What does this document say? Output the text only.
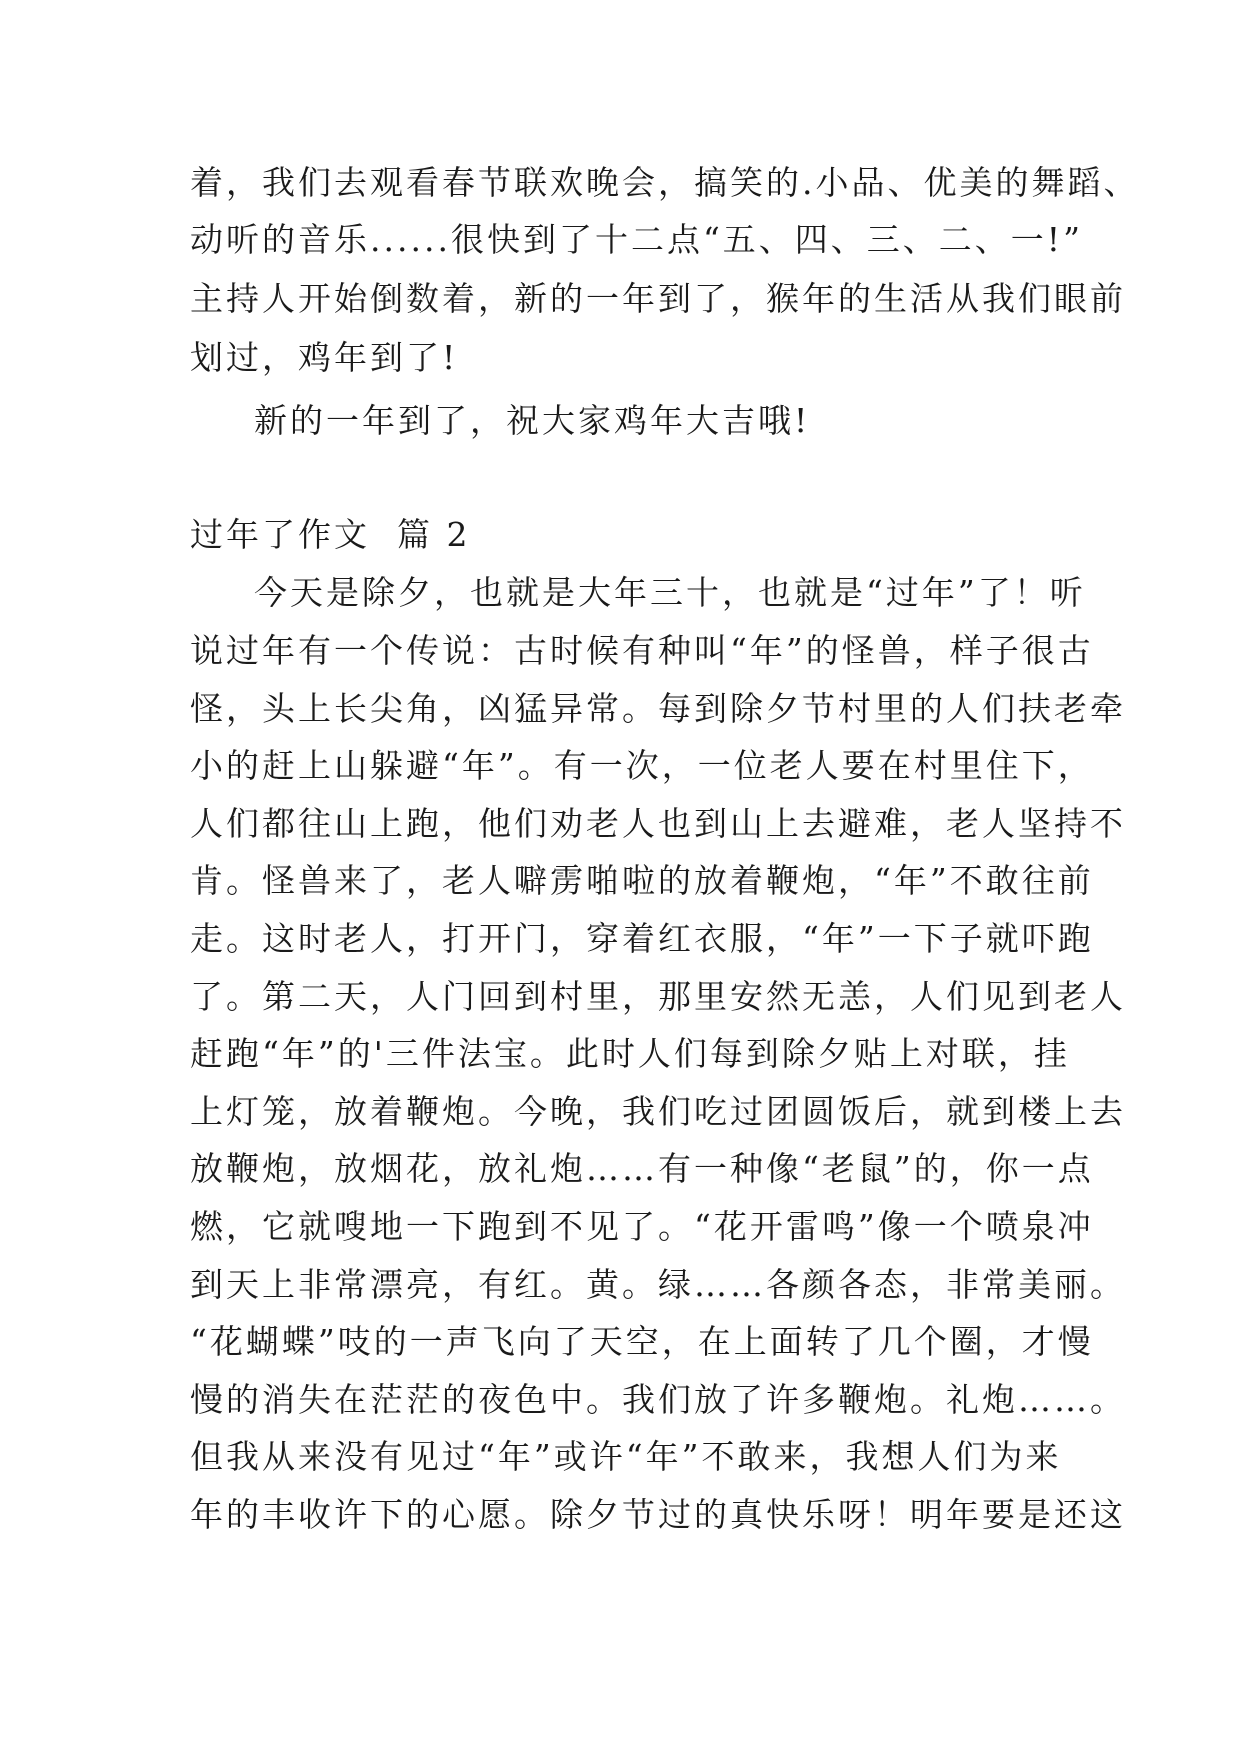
着，我们去观看春节联欢晚会，搞笑的.小品、优美的舞蹈、
动听的音乐......很快到了十二点“五、四、三、二、一!”
主持人开始倒数着，新的一年到了，猴年的生活从我们眼前
划过，鸡年到了!
新的一年到了，祝大家鸡年大吉哦!
过年了作文  篇 2
今天是除夕，也就是大年三十，也就是“过年”了！听
说过年有一个传说：古时候有种叫“年”的怪兽，样子很古
怪，头上长尖角，凶猛异常。每到除夕节村里的人们扶老牵
小的赶上山躲避“年”。有一次，一位老人要在村里住下，
人们都往山上跑，他们劝老人也到山上去避难，老人坚持不
肯。怪兽来了，老人噼雳啪啦的放着鞭炮，“年”不敢往前
走。这时老人，打开门，穿着红衣服，“年”一下子就吓跑
了。第二天，人门回到村里，那里安然无恙，人们见到老人
赶跑“年”的'三件法宝。此时人们每到除夕贴上对联，挂
上灯笼，放着鞭炮。今晚，我们吃过团圆饭后，就到楼上去
放鞭炮，放烟花，放礼炮……有一种像“老鼠”的，你一点
燃，它就嗖地一下跑到不见了。“花开雷鸣”像一个喷泉冲
到天上非常漂亮，有红。黄。绿……各颜各态，非常美丽。
“花蝴蝶”吱的一声飞向了天空，在上面转了几个圈，才慢
慢的消失在茫茫的夜色中。我们放了许多鞭炮。礼炮……。
但我从来没有见过“年”或许“年”不敢来，我想人们为来
年的丰收许下的心愿。除夕节过的真快乐呀！明年要是还这
